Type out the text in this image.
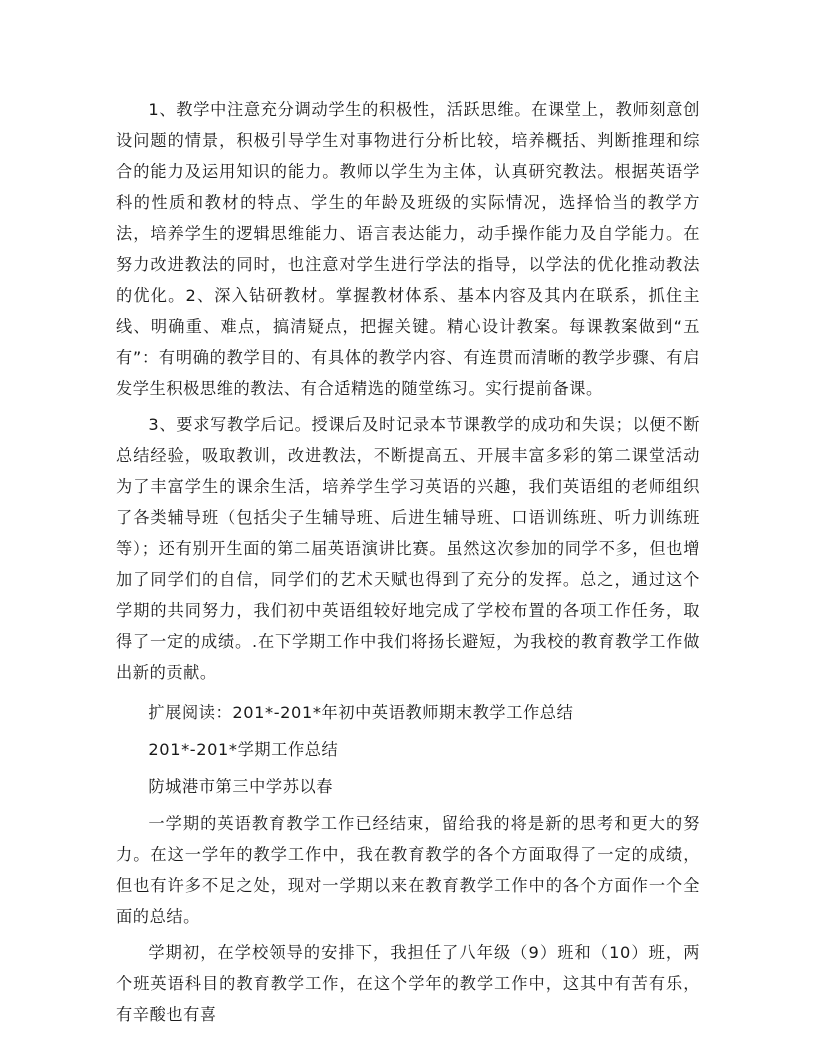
1、教学中注意充分调动学生的积极性，活跃思维。在课堂上，教师刻意创设问题的情景，积极引导学生对事物进行分析比较，培养概括、判断推理和综合的能力及运用知识的能力。教师以学生为主体，认真研究教法。根据英语学科的性质和教材的特点、学生的年龄及班级的实际情况，选择恰当的教学方法，培养学生的逻辑思维能力、语言表达能力，动手操作能力及自学能力。在努力改进教法的同时，也注意对学生进行学法的指导，以学法的优化推动教法的优化。2、深入钻研教材。掌握教材体系、基本内容及其内在联系，抓住主线、明确重、难点，搞清疑点，把握关键。精心设计教案。每课教案做到“五有”：有明确的教学目的、有具体的教学内容、有连贯而清晰的教学步骤、有启发学生积极思维的教法、有合适精选的随堂练习。实行提前备课。

3、要求写教学后记。授课后及时记录本节课教学的成功和失误；以便不断总结经验，吸取教训，改进教法，不断提高五、开展丰富多彩的第二课堂活动为了丰富学生的课余生活，培养学生学习英语的兴趣，我们英语组的老师组织了各类辅导班（包括尖子生辅导班、后进生辅导班、口语训练班、听力训练班等）；还有别开生面的第二届英语演讲比赛。虽然这次参加的同学不多，但也增加了同学们的自信，同学们的艺术天赋也得到了充分的发挥。总之，通过这个学期的共同努力，我们初中英语组较好地完成了学校布置的各项工作任务，取得了一定的成绩。.在下学期工作中我们将扬长避短，为我校的教育教学工作做出新的贡献。

扩展阅读：201*-201*年初中英语教师期末教学工作总结

201*-201*学期工作总结

防城港市第三中学苏以春

一学期的英语教育教学工作已经结束，留给我的将是新的思考和更大的努力。在这一学年的教学工作中，我在教育教学的各个方面取得了一定的成绩，但也有许多不足之处，现对一学期以来在教育教学工作中的各个方面作一个全面的总结。

学期初，在学校领导的安排下，我担任了八年级（9）班和（10）班，两个班英语科目的教育教学工作，在这个学年的教学工作中，这其中有苦有乐，有辛酸也有喜
